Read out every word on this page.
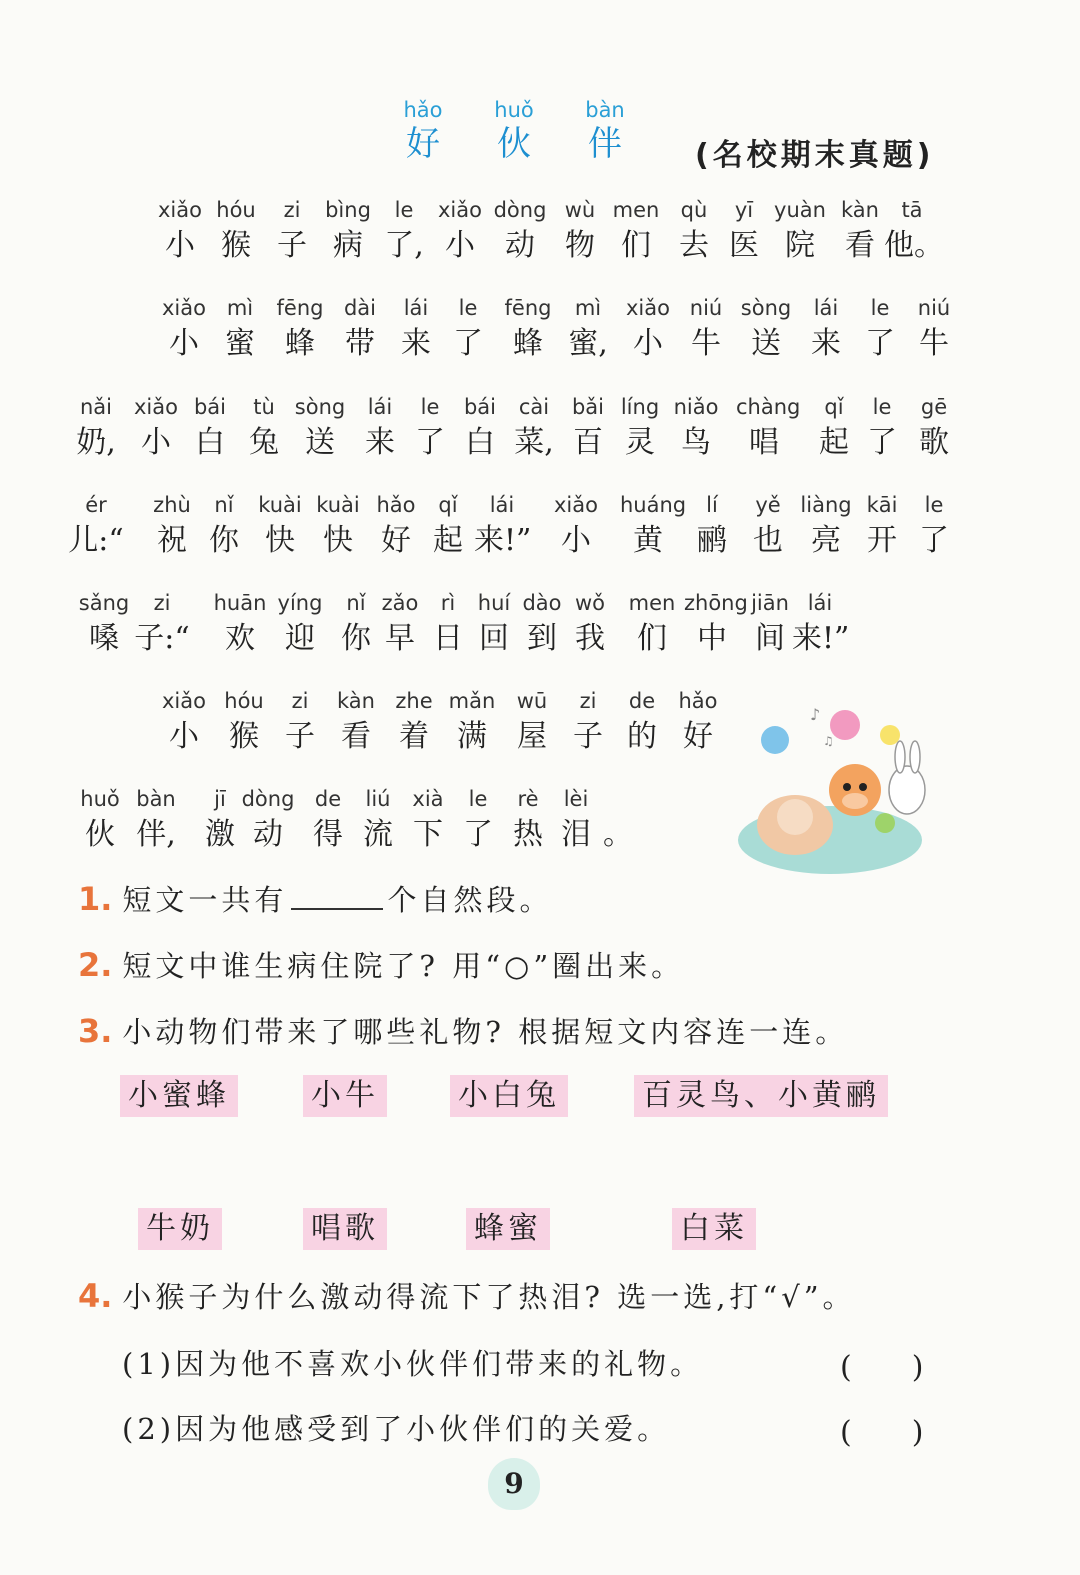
hǎo
好
huǒ
伙
bàn
伴	(名校期末真题)
xiǎo
小
hóu
猴
zi
子
bìng
病
le
了,
xiǎo
小
dòng
动
wù
物
men
们
qù
去
yī
医
yuàn
院
kàn
看
tā
他。
xiǎo
小
mì
蜜
fēng
蜂
dài
带
lái
来
le
了
fēng
蜂
mì
蜜,
xiǎo
小
niú
牛
sòng
送
lái
来
le
了
niú
牛
nǎi
奶,
xiǎo
小
bái
白
tù
兔
sòng
送
lái
来
le
了
bái
白
cài
菜,
bǎi
百
líng
灵
niǎo
鸟
chàng
唱
qǐ
起
le
了
gē
歌
ér
儿:“
zhù
祝
nǐ
你
kuài
快
kuài
快
hǎo
好
qǐ
起
lái
来!”
xiǎo
小
huáng
黄
lí
鹂
yě
也
liàng
亮
kāi
开
le
了
sǎng
嗓
zi
子:“
huān
欢
yíng
迎
nǐ
你
zǎo
早
rì
日
huí
回
dào
到
wǒ
我
men
们
zhōng
中
jiān
间
lái
来!”
xiǎo
小
hóu
猴
zi
子
kàn
看
zhe
着
mǎn
满
wū
屋
zi
子
de
的
hǎo
好
huǒ
伙
bàn
伴,
jī
激
dòng
动
de
得
liú
流
xià
下
le
了
rè
热
lèi
泪 。
♪
♫
1. 短文一共有	个自然段。
2. 短文中谁生病住院了? 用“○”圈出来。
3. 小动物们带来了哪些礼物? 根据短文内容连一连。
小蜜蜂	小牛	小白兔	百灵鸟、小黄鹂
牛奶	唱歌	蜂蜜	白菜
4. 小猴子为什么激动得流下了热泪? 选一选,打“√”。
(1)因为他不喜欢小伙伴们带来的礼物。	(　　)
(2)因为他感受到了小伙伴们的关爱。	(　　)
9
